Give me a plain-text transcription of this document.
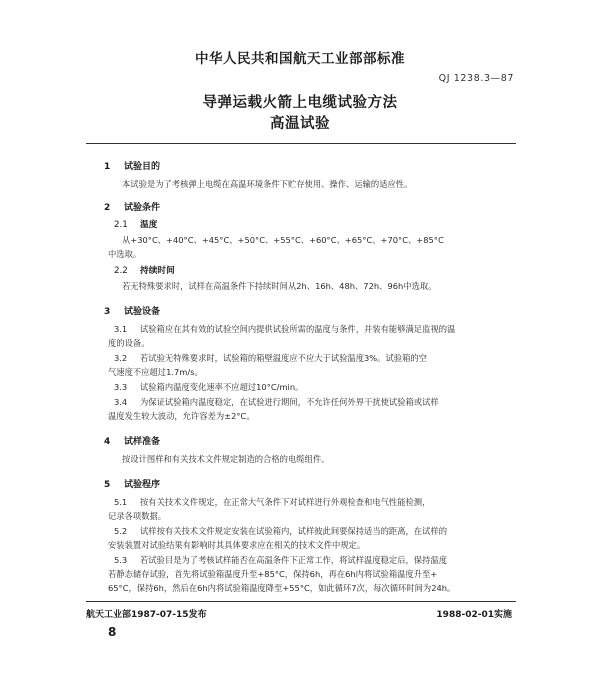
中华人民共和国航天工业部部标准
QJ 1238.3—87
导弹运载火箭上电缆试验方法
高温试验
1 试验目的
本试验是为了考核弹上电缆在高温环境条件下贮存使用、操作、运输的适应性。
2 试验条件
2.1 温度
从+30°C、+40°C、+45°C、+50°C、+55°C、+60°C、+65°C、+70°C、+85°C
中选取。
2.2 持续时间
若无特殊要求时，试样在高温条件下持续时间从2h、16h、48h、72h、96h中选取。
3 试验设备
3.1 试验箱应在其有效的试验空间内提供试验所需的温度与条件，并装有能够满足监视的温
度的设备。
3.2 若试验无特殊要求时，试验箱的箱壁温度应不应大于试验温度3%。试验箱的空
气速度不应超过1.7m/s。
3.3 试验箱内温度变化速率不应超过10°C/min。
3.4 为保证试验箱内温度稳定，在试验进行期间，不允许任何外界干扰使试验箱或试样
温度发生较大波动，允许容差为±2°C。
4 试样准备
按设计图样和有关技术文件规定制造的合格的电缆组件。
5 试验程序
5.1 按有关技术文件规定，在正常大气条件下对试样进行外观检查和电气性能检测，
记录各项数据。
5.2 试样按有关技术文件规定安装在试验箱内，试样彼此间要保持适当的距离，在试样的
安装装置对试验结果有影响时其具体要求应在相关的技术文件中规定。
5.3 若试验目是为了考核试样能否在高温条件下正常工作，将试样温度稳定后，保持温度
若静态储存试验，首先将试验箱温度升至+85°C，保持6h，再在6h内将试验箱温度升至+
65°C，保持6h，然后在6h内将试验箱温度降至+55°C，如此循环7次，每次循环时间为24h。
航天工业部1987-07-15发布	1988-02-01实施
8
